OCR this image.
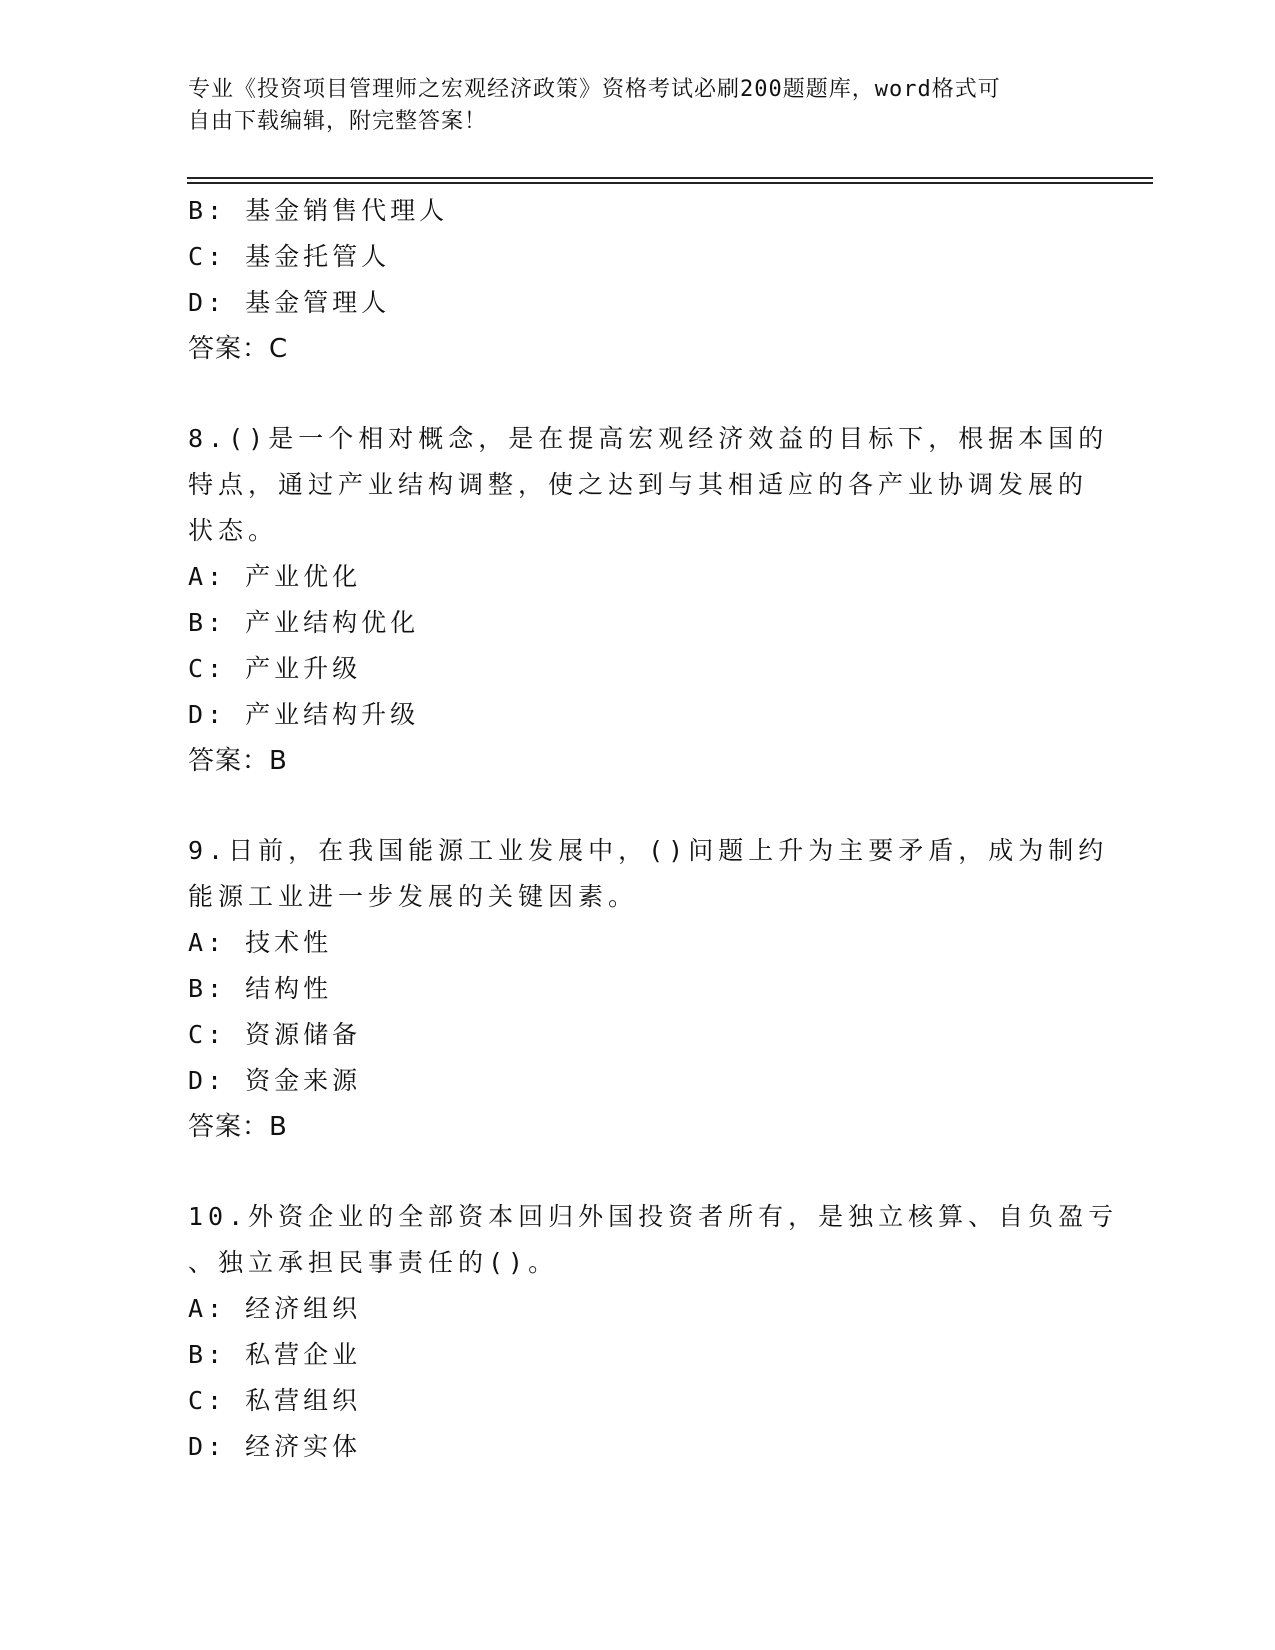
专业《投资项目管理师之宏观经济政策》资格考试必刷200题题库，word格式可
自由下载编辑，附完整答案！
B: 基金销售代理人
C: 基金托管人
D: 基金管理人
答案：C
8.()是一个相对概念，是在提高宏观经济效益的目标下，根据本国的
特点，通过产业结构调整，使之达到与其相适应的各产业协调发展的
状态。
A: 产业优化
B: 产业结构优化
C: 产业升级
D: 产业结构升级
答案：B
9.日前，在我国能源工业发展中，()问题上升为主要矛盾，成为制约
能源工业进一步发展的关键因素。
A: 技术性
B: 结构性
C: 资源储备
D: 资金来源
答案：B
10.外资企业的全部资本回归外国投资者所有，是独立核算、自负盈亏
、独立承担民事责任的()。
A: 经济组织
B: 私营企业
C: 私营组织
D: 经济实体
